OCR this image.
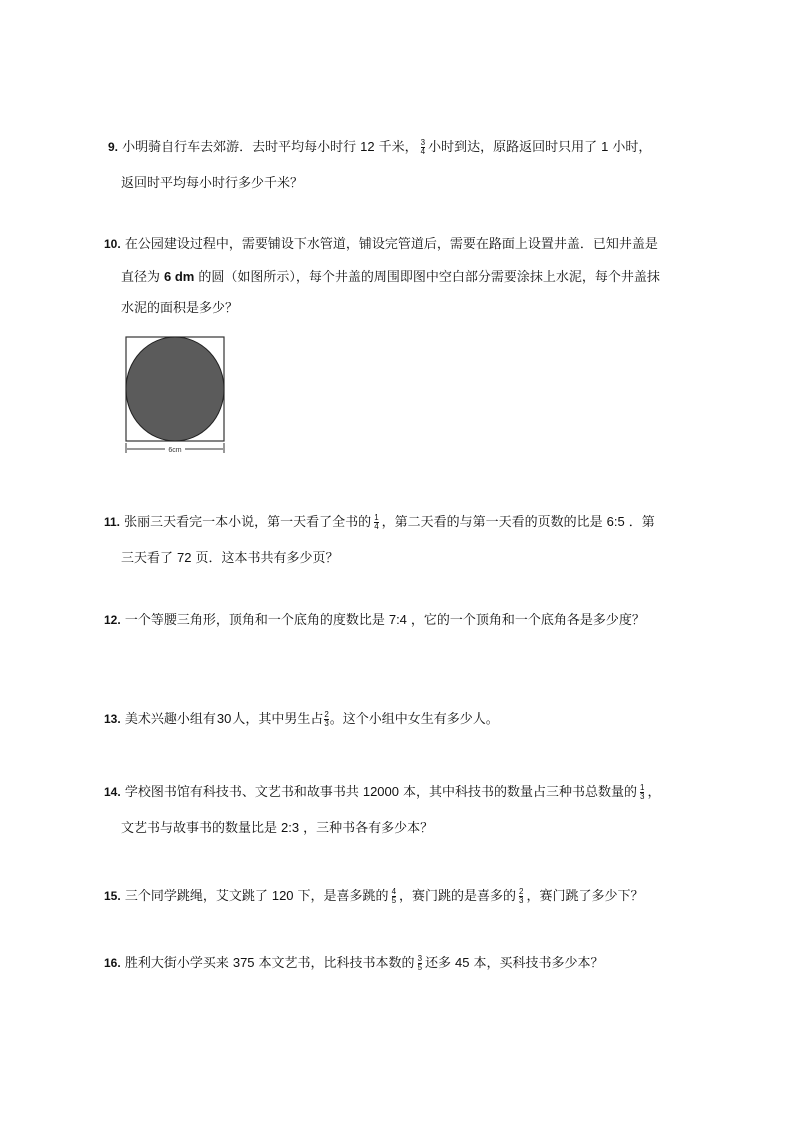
9. 小明骑自行车去郊游．去时平均每小时行 12 千米， $\frac{3}{4}$ 小时到达，原路返回时只用了 1 小时，
返回时平均每小时行多少千米？
10. 在公园建设过程中，需要铺设下水管道，铺设完管道后，需要在路面上设置井盖．已知井盖是
直径为 6 dm 的圆（如图所示），每个井盖的周围即图中空白部分需要涂抹上水泥，每个井盖抹
水泥的面积是多少？
6cm
11. 张丽三天看完一本小说，第一天看了全书的 $\frac{1}{4}$ ，第二天看的与第一天看的页数的比是 6:5 ．第
三天看了 72 页．这本书共有多少页？
12. 一个等腰三角形，顶角和一个底角的度数比是 7:4 ，它的一个顶角和一个底角各是多少度？
13. 美术兴趣小组有30人，其中男生占 $\frac{2}{3}$ 。这个小组中女生有多少人。
14. 学校图书馆有科技书、文艺书和故事书共 12000 本，其中科技书的数量占三种书总数量的 $\frac{1}{3}$ ，
文艺书与故事书的数量比是 2:3 ，三种书各有多少本？
15. 三个同学跳绳，艾文跳了 120 下，是喜多跳的 $\frac{4}{5}$ ，赛门跳的是喜多的 $\frac{2}{3}$ ，赛门跳了多少下？
16. 胜利大街小学买来 375 本文艺书，比科技书本数的 $\frac{3}{5}$ 还多 45 本，买科技书多少本？
